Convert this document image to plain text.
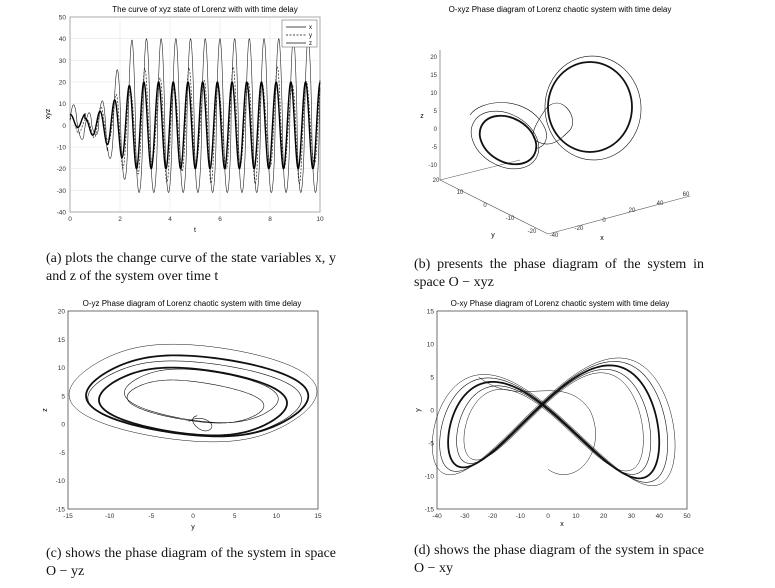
The curve of xyz state of Lorenz with with time delay
-40
-30
-20
-10
0
10
20
30
40
50
0	2	4	6	8	10
xyz
t
x
y
z
O-xyz Phase diagram of Lorenz chaotic system with time delay
-10
-5
0
5
10
15
20
z
-20
-10
0
10
20
y	-40
-20
0
20
40
60
x
O-yz Phase diagram of Lorenz chaotic system with time delay
-15
-10
-5
0
5
10
15
20
-15	-10	-5	0	5	10	15
z
y
O-xy Phase diagram of Lorenz chaotic system with time delay
-15
-10
-5
0
5
10
15
-40	-30	-20	-10	0	10	20	30	40	50
y
x
(a) plots the change curve of the state variables x, y and z of the system over time t
(b) presents the phase diagram of the system in space O − xyz
(c) shows the phase diagram of the system in space O − yz
(d) shows the phase diagram of the system in space O − xy
